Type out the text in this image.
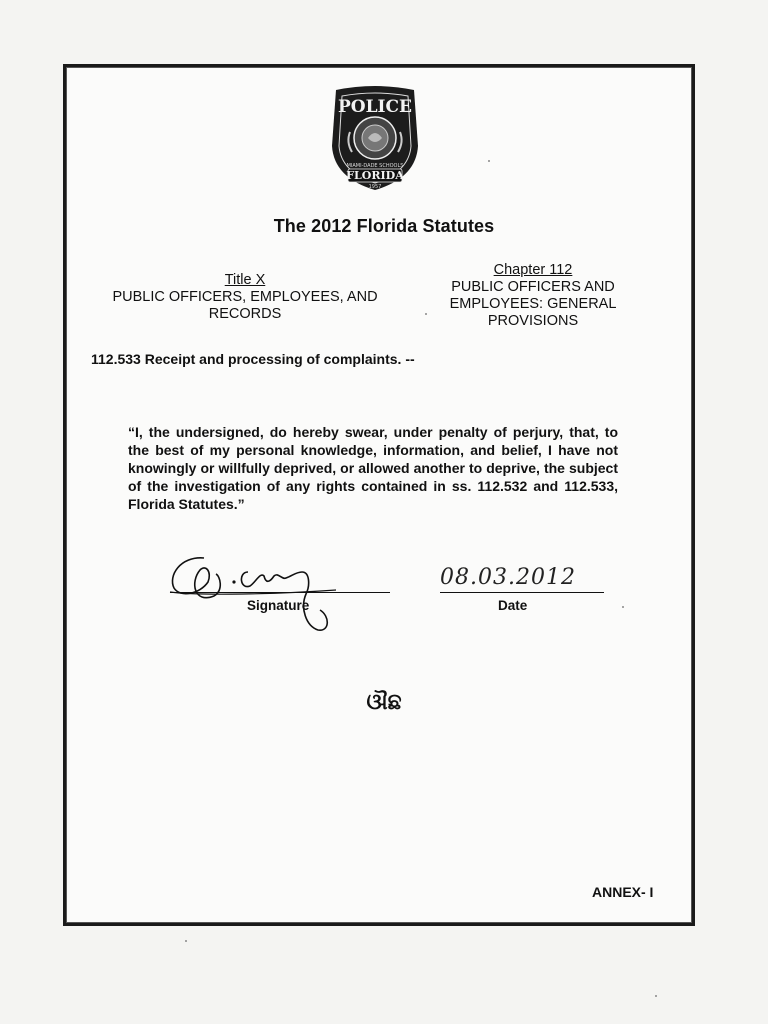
POLICE
MIAMI-DADE SCHOOLS
FLORIDA
1957
The 2012 Florida Statutes
Title X
PUBLIC OFFICERS, EMPLOYEES, AND RECORDS
Chapter 112
PUBLIC OFFICERS AND EMPLOYEES: GENERAL PROVISIONS
112.533 Receipt and processing of complaints. --
“I, the undersigned, do hereby swear, under penalty of perjury, that, to the best of my personal knowledge, information, and belief, I have not knowingly or willfully deprived, or allowed another to deprive, the subject of the investigation of any rights contained in ss. 112.532 and 112.533, Florida Statutes.”
08.03.2012
Signature	Date
ଔଛ
ANNEX- I
